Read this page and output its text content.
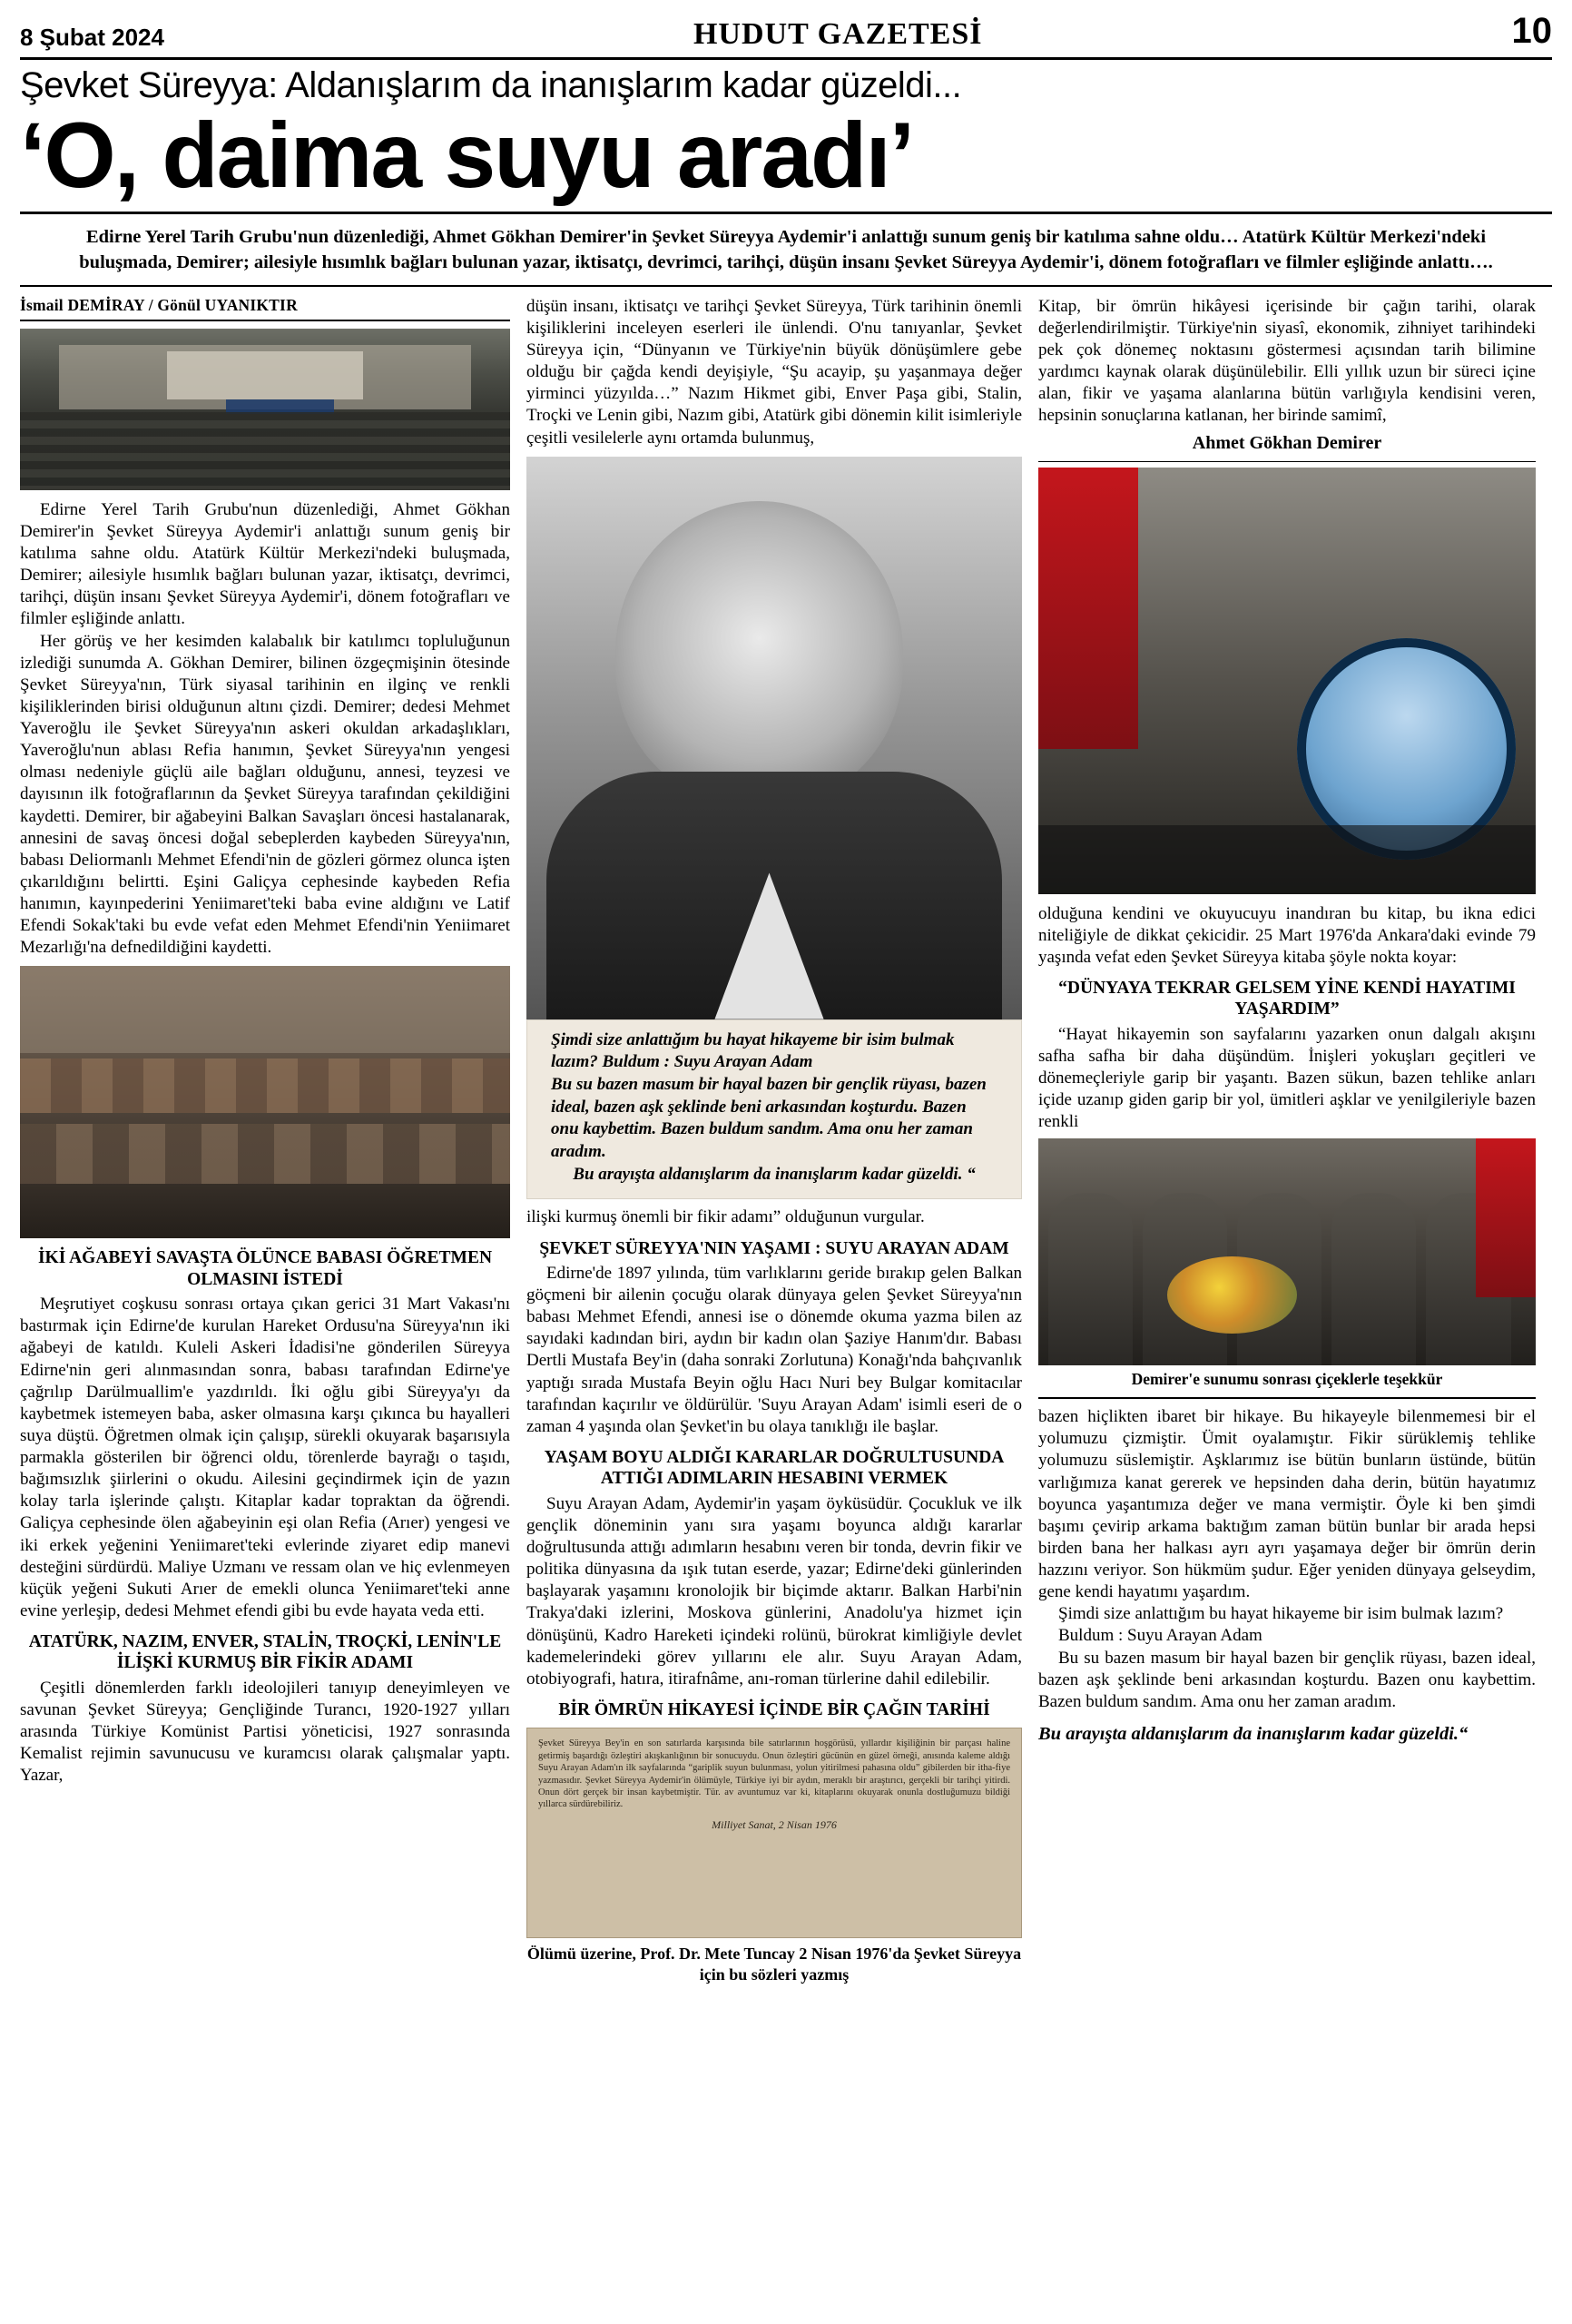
8 Şubat 2024	HUDUT GAZETESİ	10
Şevket Süreyya: Aldanışlarım da inanışlarım kadar güzeldi...
‘O, daima suyu aradı’
Edirne Yerel Tarih Grubu'nun düzenlediği, Ahmet Gökhan Demirer'in Şevket Süreyya Aydemir'i anlattığı sunum geniş bir katılıma sahne oldu… Atatürk Kültür Merkezi'ndeki buluşmada, Demirer; ailesiyle hısımlık bağları bulunan yazar, iktisatçı, devrimci, tarihçi, düşün insanı Şevket Süreyya Aydemir'i, dönem fotoğrafları ve filmler eşliğinde anlattı….
İsmail DEMİRAY / Gönül UYANIKTIR

Edirne Yerel Tarih Grubu'nun düzenlediği, Ahmet Gökhan Demirer'in Şevket Süreyya Aydemir'i anlattığı sunum geniş bir katılıma sahne oldu. Atatürk Kültür Merkezi'ndeki buluşmada, Demirer; ailesiyle hısımlık bağları bulunan yazar, iktisatçı, devrimci, tarihçi, düşün insanı Şevket Süreyya Aydemir'i, dönem fotoğrafları ve filmler eşliğinde anlattı.

Her görüş ve her kesimden kalabalık bir katılımcı topluluğunun izlediği sunumda A. Gökhan Demirer, bilinen özgeçmişinin ötesinde Şevket Süreyya'nın, Türk siyasal tarihinin en ilginç ve renkli kişiliklerinden birisi olduğunun altını çizdi. Demirer; dedesi Mehmet Yaveroğlu ile Şevket Süreyya'nın askeri okuldan arkadaşlıkları, Yaveroğlu'nun ablası Refia hanımın, Şevket Süreyya'nın yengesi olması nedeniyle güçlü aile bağları olduğunu, annesi, teyzesi ve dayısının ilk fotoğraflarının da Şevket Süreyya tarafından çekildiğini kaydetti. Demirer, bir ağabeyini Balkan Savaşları öncesi hastalanarak, annesini de savaş öncesi doğal sebeplerden kaybeden Süreyya'nın, babası Deliormanlı Mehmet Efendi'nin de gözleri görmez olunca işten çıkarıldığını belirtti. Eşini Galiçya cephesinde kaybeden Refia hanımın, kayınpederini Yeniimaret'teki baba evine aldığını ve Latif Efendi Sokak'taki bu evde vefat eden Mehmet Efendi'nin Yeniimaret Mezarlığı'na defnedildiğini kaydetti.

İKİ AĞABEYİ SAVAŞTA ÖLÜNCE BABASI ÖĞRETMEN OLMASINI İSTEDİ

Meşrutiyet coşkusu sonrası ortaya çıkan gerici 31 Mart Vakası'nı bastırmak için Edirne'de kurulan Hareket Ordusu'na Süreyya'nın iki ağabeyi de katıldı. Kuleli Askeri İdadisi'ne gönderilen Süreyya Edirne'nin geri alınmasından sonra, babası tarafından Edirne'ye çağrılıp Darülmuallim'e yazdırıldı. İki oğlu gibi Süreyya'yı da kaybetmek istemeyen baba, asker olmasına karşı çıkınca bu hayalleri suya düştü. Öğretmen olmak için çalışıp, sürekli okuyarak başarısıyla parmakla gösterilen bir öğrenci oldu, törenlerde bayrağı o taşıdı, bağımsızlık şiirlerini o okudu. Ailesini geçindirmek için de yazın kolay tarla işlerinde çalıştı. Kitaplar kadar topraktan da öğrendi. Galiçya cephesinde ölen ağabeyinin eşi olan Refia (Arıer) yengesi ve iki erkek yeğenini Yeniimaret'teki evlerinde ziyaret edip manevi desteğini sürdürdü. Maliye Uzmanı ve ressam olan ve hiç evlenmeyen küçük yeğeni Sukuti Arıer de emekli olunca Yeniimaret'teki anne evine yerleşip, dedesi Mehmet efendi gibi bu evde hayata veda etti.

ATATÜRK, NAZIM, ENVER, STALİN, TROÇKİ, LENİN'LE İLİŞKİ KURMUŞ BİR FİKİR ADAMI

Çeşitli dönemlerden farklı ideolojileri tanıyıp deneyimleyen ve savunan Şevket Süreyya; Gençliğinde Turancı, 1920-1927 yılları arasında Türkiye Komünist Partisi yöneticisi, 1927 sonrasında Kemalist rejimin savunucusu ve kuramcısı olarak çalışmalar yaptı. Yazar,

düşün insanı, iktisatçı ve tarihçi Şevket Süreyya, Türk tarihinin önemli kişiliklerini inceleyen eserleri ile ünlendi. O'nu tanıyanlar, Şevket Süreyya için, “Dünyanın ve Türkiye'nin büyük dönüşümlere gebe olduğu bir çağda kendi deyişiyle, “Şu acayip, şu yaşanmaya değer yirminci yüzyılda…” Nazım Hikmet gibi, Enver Paşa gibi, Stalin, Troçki ve Lenin gibi, Nazım gibi, Atatürk gibi dönemin kilit isimleriyle çeşitli vesilelerle aynı ortamda bulunmuş,

Şimdi size anlattığım bu hayat hikayeme bir isim bulmak lazım? Buldum : Suyu Arayan Adam
Bu su bazen masum bir hayal bazen bir gençlik rüyası, bazen ideal, bazen aşk şeklinde beni arkasından koşturdu. Bazen onu kaybettim. Bazen buldum sandım. Ama onu her zaman aradım.
Bu arayışta aldanışlarım da inanışlarım kadar güzeldi. “

ilişki kurmuş önemli bir fikir adamı” olduğunun vurgular.

ŞEVKET SÜREYYA'NIN YAŞAMI : SUYU ARAYAN ADAM

Edirne'de 1897 yılında, tüm varlıklarını geride bırakıp gelen Balkan göçmeni bir ailenin çocuğu olarak dünyaya gelen Şevket Süreyya'nın babası Mehmet Efendi, annesi ise o dönemde okuma yazma bilen az sayıdaki kadından biri, aydın bir kadın olan Şaziye Hanım'dır. Babası Dertli Mustafa Bey'in (daha sonraki Zorlutuna) Konağı'nda bahçıvanlık yaptığı sırada Mustafa Beyin oğlu Hacı Nuri bey Bulgar komitacılar tarafından kaçırılır ve öldürülür. 'Suyu Arayan Adam' isimli eseri de o zaman 4 yaşında olan Şevket'in bu olaya tanıklığı ile başlar.

YAŞAM BOYU ALDIĞI KARARLAR DOĞRULTUSUNDA ATTIĞI ADIMLARIN HESABINI VERMEK

Suyu Arayan Adam, Aydemir'in yaşam öyküsüdür. Çocukluk ve ilk gençlik döneminin yanı sıra yaşamı boyunca aldığı kararlar doğrultusunda attığı adımların hesabını veren bir tonda, devrin fikir ve politika dünyasına da ışık tutan eserde, yazar; Edirne'deki günlerinden başlayarak yaşamını kronolojik bir biçimde aktarır. Balkan Harbi'nin Trakya'daki izlerini, Moskova günlerini, Anadolu'ya hizmet için dönüşünü, Kadro Hareketi içindeki rolünü, bürokrat kimliğiyle devlet kademelerindeki görev yıllarını ele alır. Suyu Arayan Adam, otobiyografi, hatıra, itirafnâme, anı-roman türlerine dahil edilebilir.

BİR ÖMRÜN HİKAYESİ İÇİNDE BİR ÇAĞIN TARİHİ
Şevket Süreyya Bey'in en son satırlarda karşısında bile satırlarının hoşgörüsü, yıllardır kişiliğinin bir parçası haline getirmiş başardığı özleştiri akışkanlığının bir sonucuydu. Onun özleştiri gücünün en güzel örneği, anısında kaleme aldığı Suyu Arayan Adam'ın ilk sayfalarında “gariplik suyun bulunması, yolun yitirilmesi pahasına oldu” gibilerden bir itha-fiye yazmasıdır. Şevket Süreyya Aydemir'in ölümüyle, Türkiye iyi bir aydın, meraklı bir araştırıcı, gerçekli bir tarihçi yitirdi. Onun dört gerçek bir insan kaybetmiştir. Tür. av avuntumuz var ki, kitaplarını okuyarak onunla dostluğumuzu bildiği yıllarca sürdürebiliriz.
Milliyet Sanat, 2 Nisan 1976
Ölümü üzerine, Prof. Dr. Mete Tuncay 2 Nisan 1976'da Şevket Süreyya için bu sözleri yazmış

Kitap, bir ömrün hikâyesi içerisinde bir çağın tarihi, olarak değerlendirilmiştir. Türkiye'nin siyasî, ekonomik, zihniyet tarihindeki pek çok dönemeç noktasını göstermesi açısından tarih bilimine yardımcı kaynak olarak düşünülebilir. Elli yıllık uzun bir süreci içine alan, fikir ve yaşama alanlarına bütün varlığıyla kendisini veren, hepsinin sonuçlarına katlanan, her birinde samimî,

Ahmet Gökhan Demirer

olduğuna kendini ve okuyucuyu inandıran bu kitap, bu ikna edici niteliğiyle de dikkat çekicidir. 25 Mart 1976'da Ankara'daki evinde 79 yaşında vefat eden Şevket Süreyya kitaba şöyle nokta koyar:

“DÜNYAYA TEKRAR GELSEM YİNE KENDİ HAYATIMI YAŞARDIM”

“Hayat hikayemin son sayfalarını yazarken onun dalgalı akışını safha safha bir daha düşündüm. İnişleri yokuşları geçitleri ve dönemeçleriyle garip bir yaşantı. Bazen sükun, bazen tehlike anları içide uzanıp giden garip bir yol, ümitleri aşklar ve yenilgileriyle bazen renkli

Demirer'e sunumu sonrası çiçeklerle teşekkür

bazen hiçlikten ibaret bir hikaye. Bu hikayeyle bilenmemesi bir el yolumuzu çizmiştir. Ümit oyalamıştır. Fikir sürüklemiş tehlike yolumuzu süslemiştir. Aşklarımız ise bütün bunların üstünde, bütün varlığımıza kanat gererek ve hepsinden daha derin, bütün hayatımız boyunca yaşantımıza değer ve mana vermiştir. Öyle ki ben şimdi başımı çevirip arkama baktığım zaman bütün bunlar bir arada hepsi birden bana her halkası ayrı ayrı yaşamaya değer bir ömrün derin hazzını veriyor. Son hükmüm şudur. Eğer yeniden dünyaya gelseydim, gene kendi hayatımı yaşardım.

Şimdi size anlattığım bu hayat hikayeme bir isim bulmak lazım?

Buldum : Suyu Arayan Adam

Bu su bazen masum bir hayal bazen bir gençlik rüyası, bazen ideal, bazen aşk şeklinde beni arkasından koşturdu. Bazen onu kaybettim. Bazen buldum sandım. Ama onu her zaman aradım.

Bu arayışta aldanışlarım da inanışlarım kadar güzeldi.“
